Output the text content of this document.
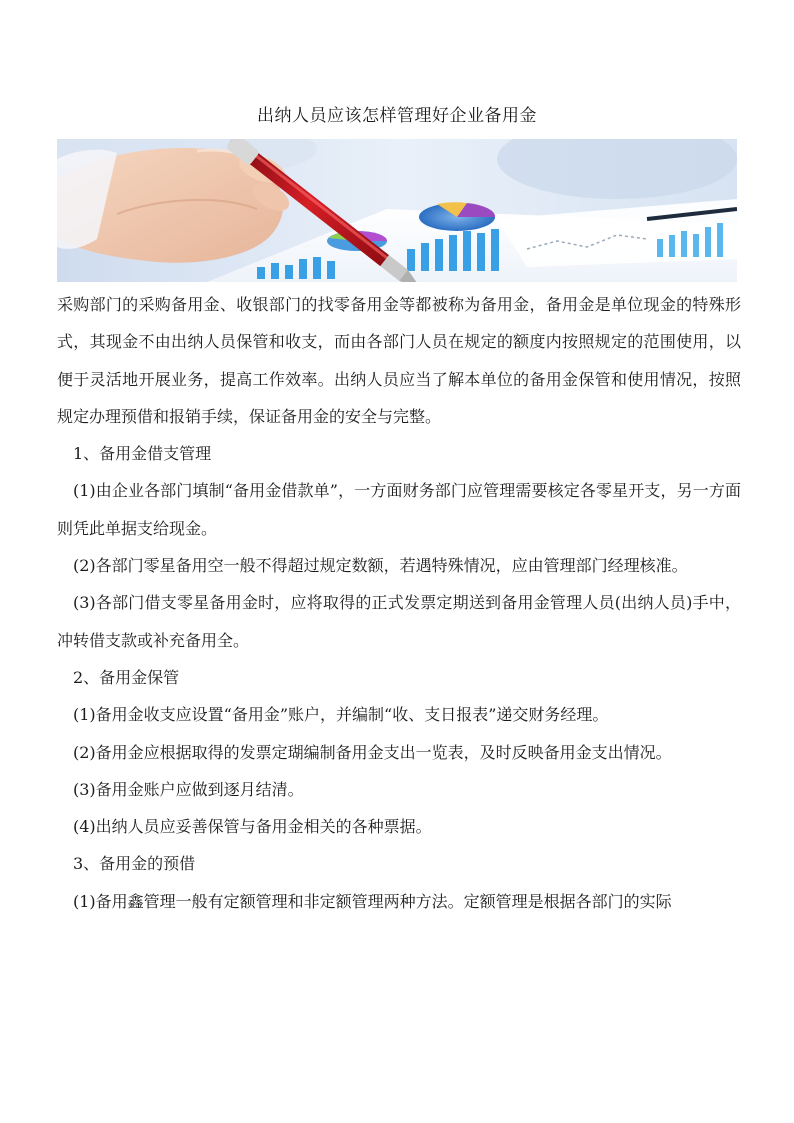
出纳人员应该怎样管理好企业备用金

采购部门的采购备用金、收银部门的找零备用金等都被称为备用金，备用金是单位现金的特殊形式，其现金不由出纳人员保管和收支，而由各部门人员在规定的额度内按照规定的范围使用，以便于灵活地开展业务，提高工作效率。出纳人员应当了解本单位的备用金保管和使用情况，按照规定办理预借和报销手续，保证备用金的安全与完整。

1、备用金借支管理

(1)由企业各部门填制“备用金借款单”，一方面财务部门应管理需要核定各零星开支，另一方面则凭此单据支给现金。

(2)各部门零星备用空一般不得超过规定数额，若遇特殊情况，应由管理部门经理核准。

(3)各部门借支零星备用金时，应将取得的正式发票定期送到备用金管理人员(出纳人员)手中，冲转借支款或补充备用全。

2、备用金保管

(1)备用金收支应设置“备用金”账户，并编制“收、支日报表”递交财务经理。

(2)备用金应根据取得的发票定瑚编制备用金支出一览表，及时反映备用金支出情况。

(3)备用金账户应做到逐月结清。

(4)出纳人员应妥善保管与备用金相关的各种票据。

3、备用金的预借

(1)备用鑫管理一般有定额管理和非定额管理两种方法。定额管理是根据各部门的实际
